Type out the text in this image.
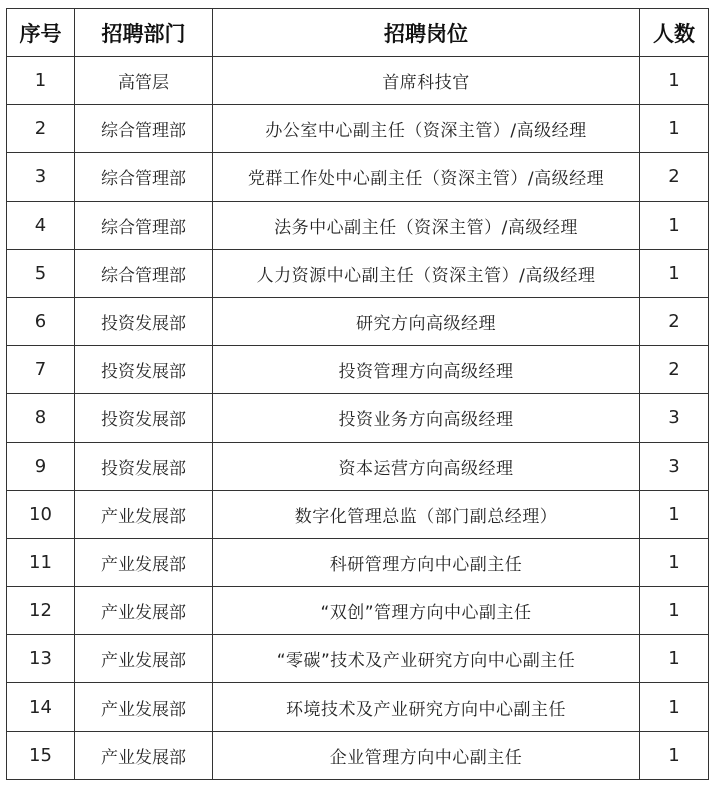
序号	招聘部门	招聘岗位	人数
1	高管层	首席科技官	1
2	综合管理部	办公室中心副主任（资深主管）/高级经理	1
3	综合管理部	党群工作处中心副主任（资深主管）/高级经理	2
4	综合管理部	法务中心副主任（资深主管）/高级经理	1
5	综合管理部	人力资源中心副主任（资深主管）/高级经理	1
6	投资发展部	研究方向高级经理	2
7	投资发展部	投资管理方向高级经理	2
8	投资发展部	投资业务方向高级经理	3
9	投资发展部	资本运营方向高级经理	3
10	产业发展部	数字化管理总监（部门副总经理）	1
11	产业发展部	科研管理方向中心副主任	1
12	产业发展部	“双创”管理方向中心副主任	1
13	产业发展部	“零碳”技术及产业研究方向中心副主任	1
14	产业发展部	环境技术及产业研究方向中心副主任	1
15	产业发展部	企业管理方向中心副主任	1
